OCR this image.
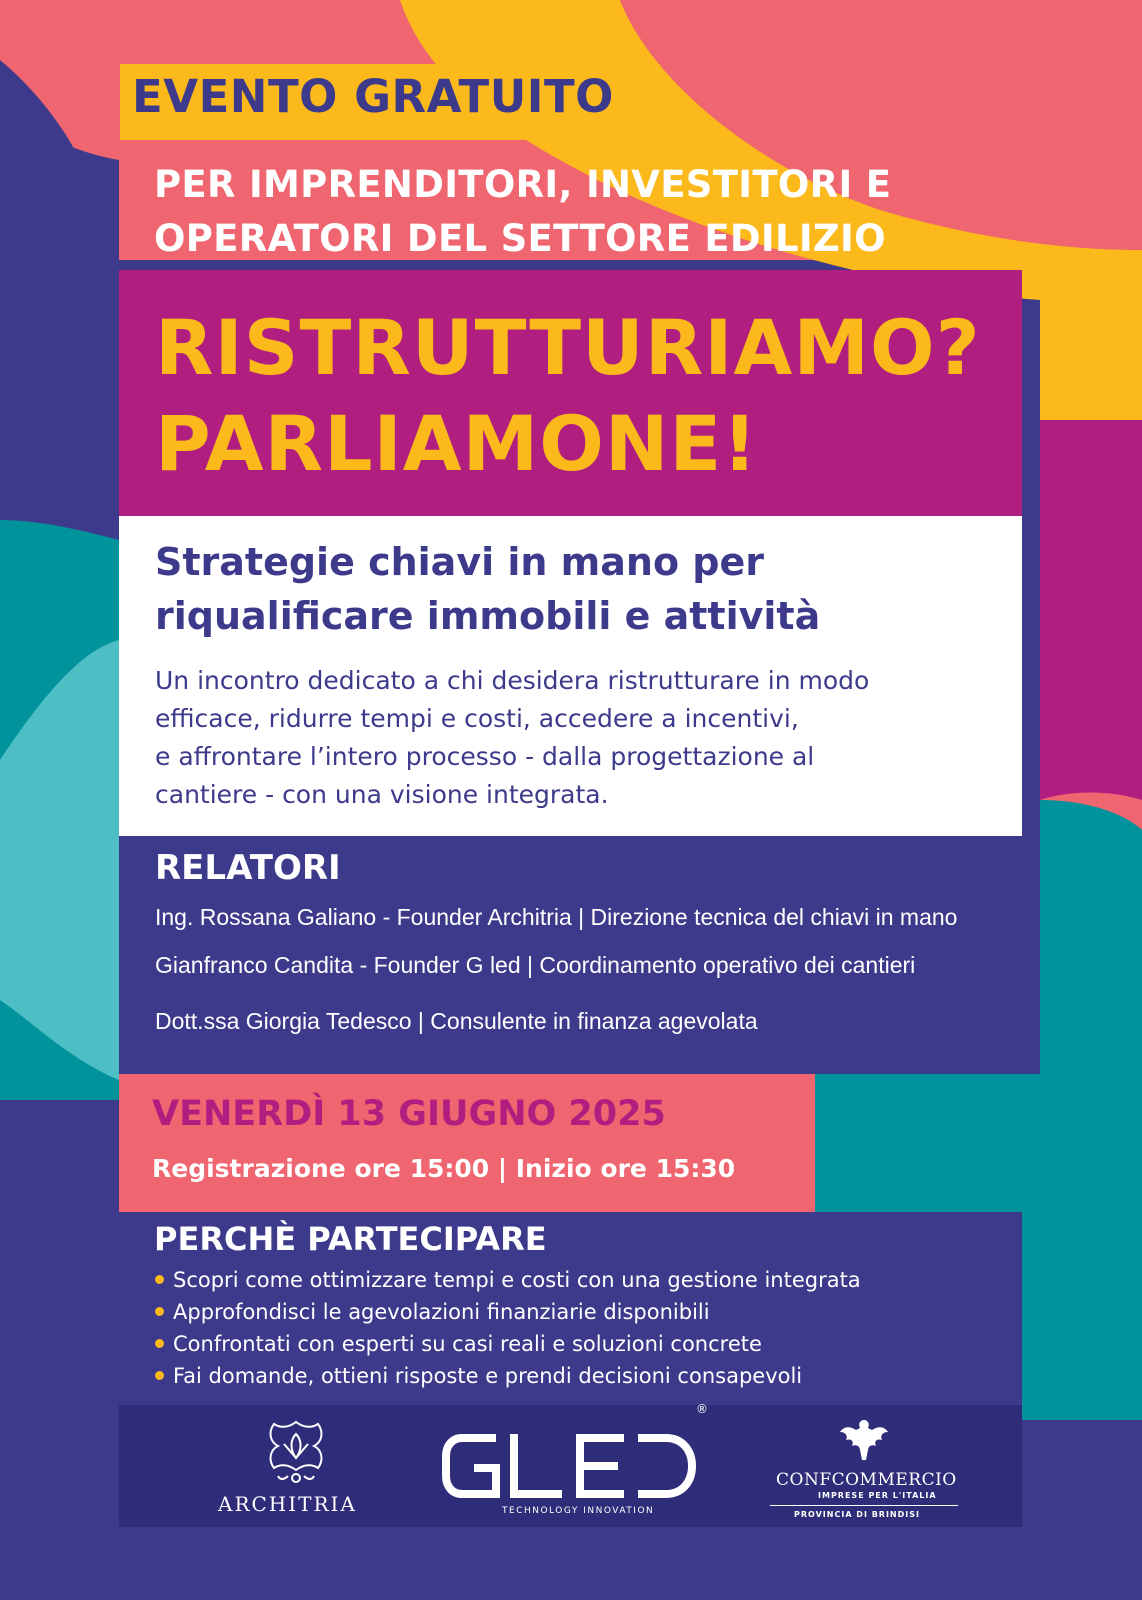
EVENTO GRATUITO
PER IMPRENDITORI, INVESTITORI E
OPERATORI DEL SETTORE EDILIZIO
RISTRUTTURIAMO?
PARLIAMONE!
Strategie chiavi in mano per
riqualificare immobili e attività
Un incontro dedicato a chi desidera ristrutturare in modo
efficace, ridurre tempi e costi, accedere a incentivi,
e affrontare l’intero processo - dalla progettazione al
cantiere - con una visione integrata.
RELATORI
Ing. Rossana Galiano - Founder Architria | Direzione tecnica del chiavi in mano
Gianfranco Candita - Founder G led | Coordinamento operativo dei cantieri
Dott.ssa Giorgia Tedesco | Consulente in finanza agevolata
VENERDÌ 13 GIUGNO 2025
Registrazione ore 15:00 | Inizio ore 15:30
PERCHÈ PARTECIPARE
Scopri come ottimizzare tempi e costi con una gestione integrata
Approfondisci le agevolazioni finanziarie disponibili
Confrontati con esperti su casi reali e soluzioni concrete
Fai domande, ottieni risposte e prendi decisioni consapevoli
ARCHITRIA	TECHNOLOGY INNOVATION
®
CONFCOMMERCIO
IMPRESE PER L'ITALIA
PROVINCIA DI BRINDISI
